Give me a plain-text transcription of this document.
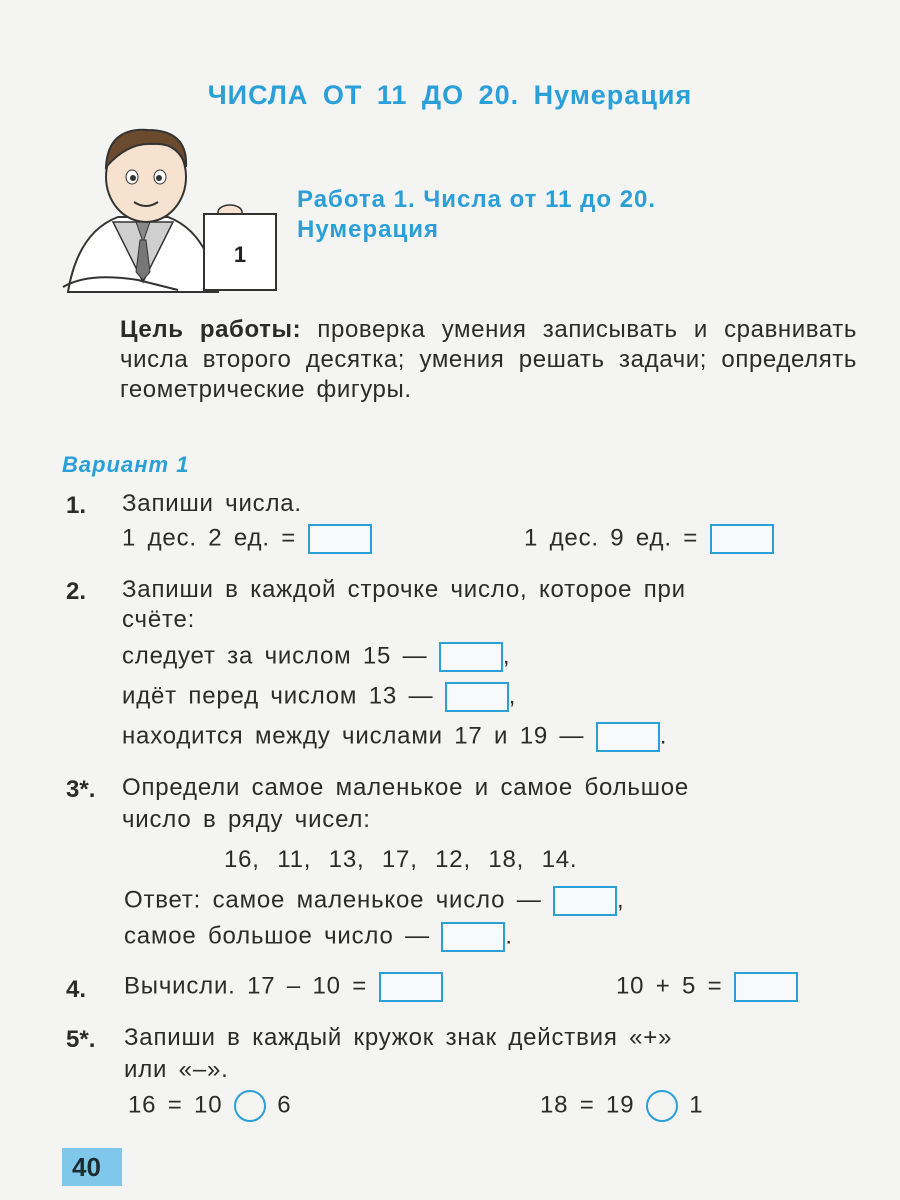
ЧИСЛА ОТ 11 ДО 20. Нумерация
1
Работа 1. Числа от 11 до 20.
Нумерация
Цель работы: проверка умения записывать и сравнивать числа второго десятка; умения решать задачи; определять геометрические фигуры.
Вариант 1
1. Запиши числа.
1 дес. 2 ед. =	1 дес. 9 ед. =
2. Запиши в каждой строчке число, которое при
счёте:
следует за числом 15 —	,
идёт перед числом 13 —	,
находится между числами 17 и 19 —	.
3*. Определи самое маленькое и самое большое
число в ряду чисел:
16, 11, 13, 17, 12, 18, 14.
Ответ: самое маленькое число —	,
самое большое число —	.
4. Вычисли. 17 – 10 =	10 + 5 =
5*. Запиши в каждый кружок знак действия «+»
или «–».
16 = 10 6	18 = 19 1
40
